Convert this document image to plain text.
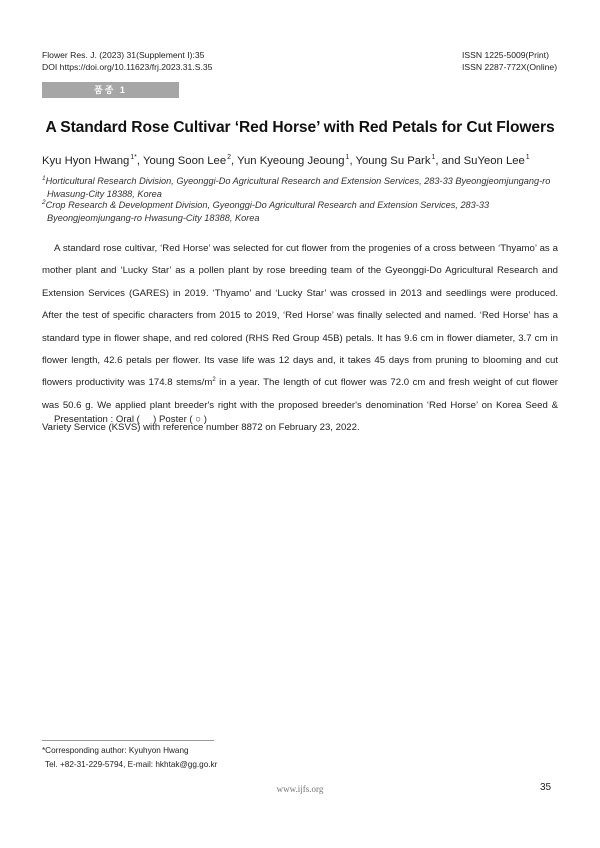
Flower Res. J. (2023) 31(Supplement I):35
DOI https://doi.org/10.11623/frj.2023.31.S.35
ISSN 1225-5009(Print)
ISSN 2287-772X(Online)
품종 1
A Standard Rose Cultivar ‘Red Horse’ with Red Petals for Cut Flowers
Kyu Hyon Hwang$^{1*}$, Young Soon Lee$^2$, Yun Kyeoung Jeoung$^1$, Young Su Park$^1$, and SuYeon Lee$^1$
$^1$Horticultural Research Division, Gyeonggi-Do Agricultural Research and Extension Services, 283-33 Byeongjeomjungang-ro
Hwasung-City 18388, Korea
$^2$Crop Research & Development Division, Gyeonggi-Do Agricultural Research and Extension Services, 283-33
Byeongjeomjungang-ro Hwasung-City 18388, Korea
A standard rose cultivar, ‘Red Horse’ was selected for cut flower from the progenies of a cross between ‘Thyamo’ as a mother plant and ‘Lucky Star’ as a pollen plant by rose breeding team of the Gyeonggi-Do Agricultural Research and Extension Services (GARES) in 2019. ‘Thyamo’ and ‘Lucky Star’ was crossed in 2013 and seedlings were produced. After the test of specific characters from 2015 to 2019, ‘Red Horse’ was finally selected and named. ‘Red Horse’ has a standard type in flower shape, and red colored (RHS Red Group 45B) petals. It has 9.6 cm in flower diameter, 3.7 cm in flower length, 42.6 petals per flower. Its vase life was 12 days and, it takes 45 days from pruning to blooming and cut flowers productivity was 174.8 stems/$m^2$ in a year. The length of cut flower was 72.0 cm and fresh weight of cut flower was 50.6 g. We applied plant breeder's right with the proposed breeder's denomination ‘Red Horse’ on Korea Seed & Variety Service (KSVS) with reference number 8872 on February 23, 2022.
Presentation : Oral (     ) Poster ( ○ )
*Corresponding author: Kyuhyon Hwang
Tel. +82-31-229-5794, E-mail: hkhtak@gg.go.kr
www.ijfs.org	35
